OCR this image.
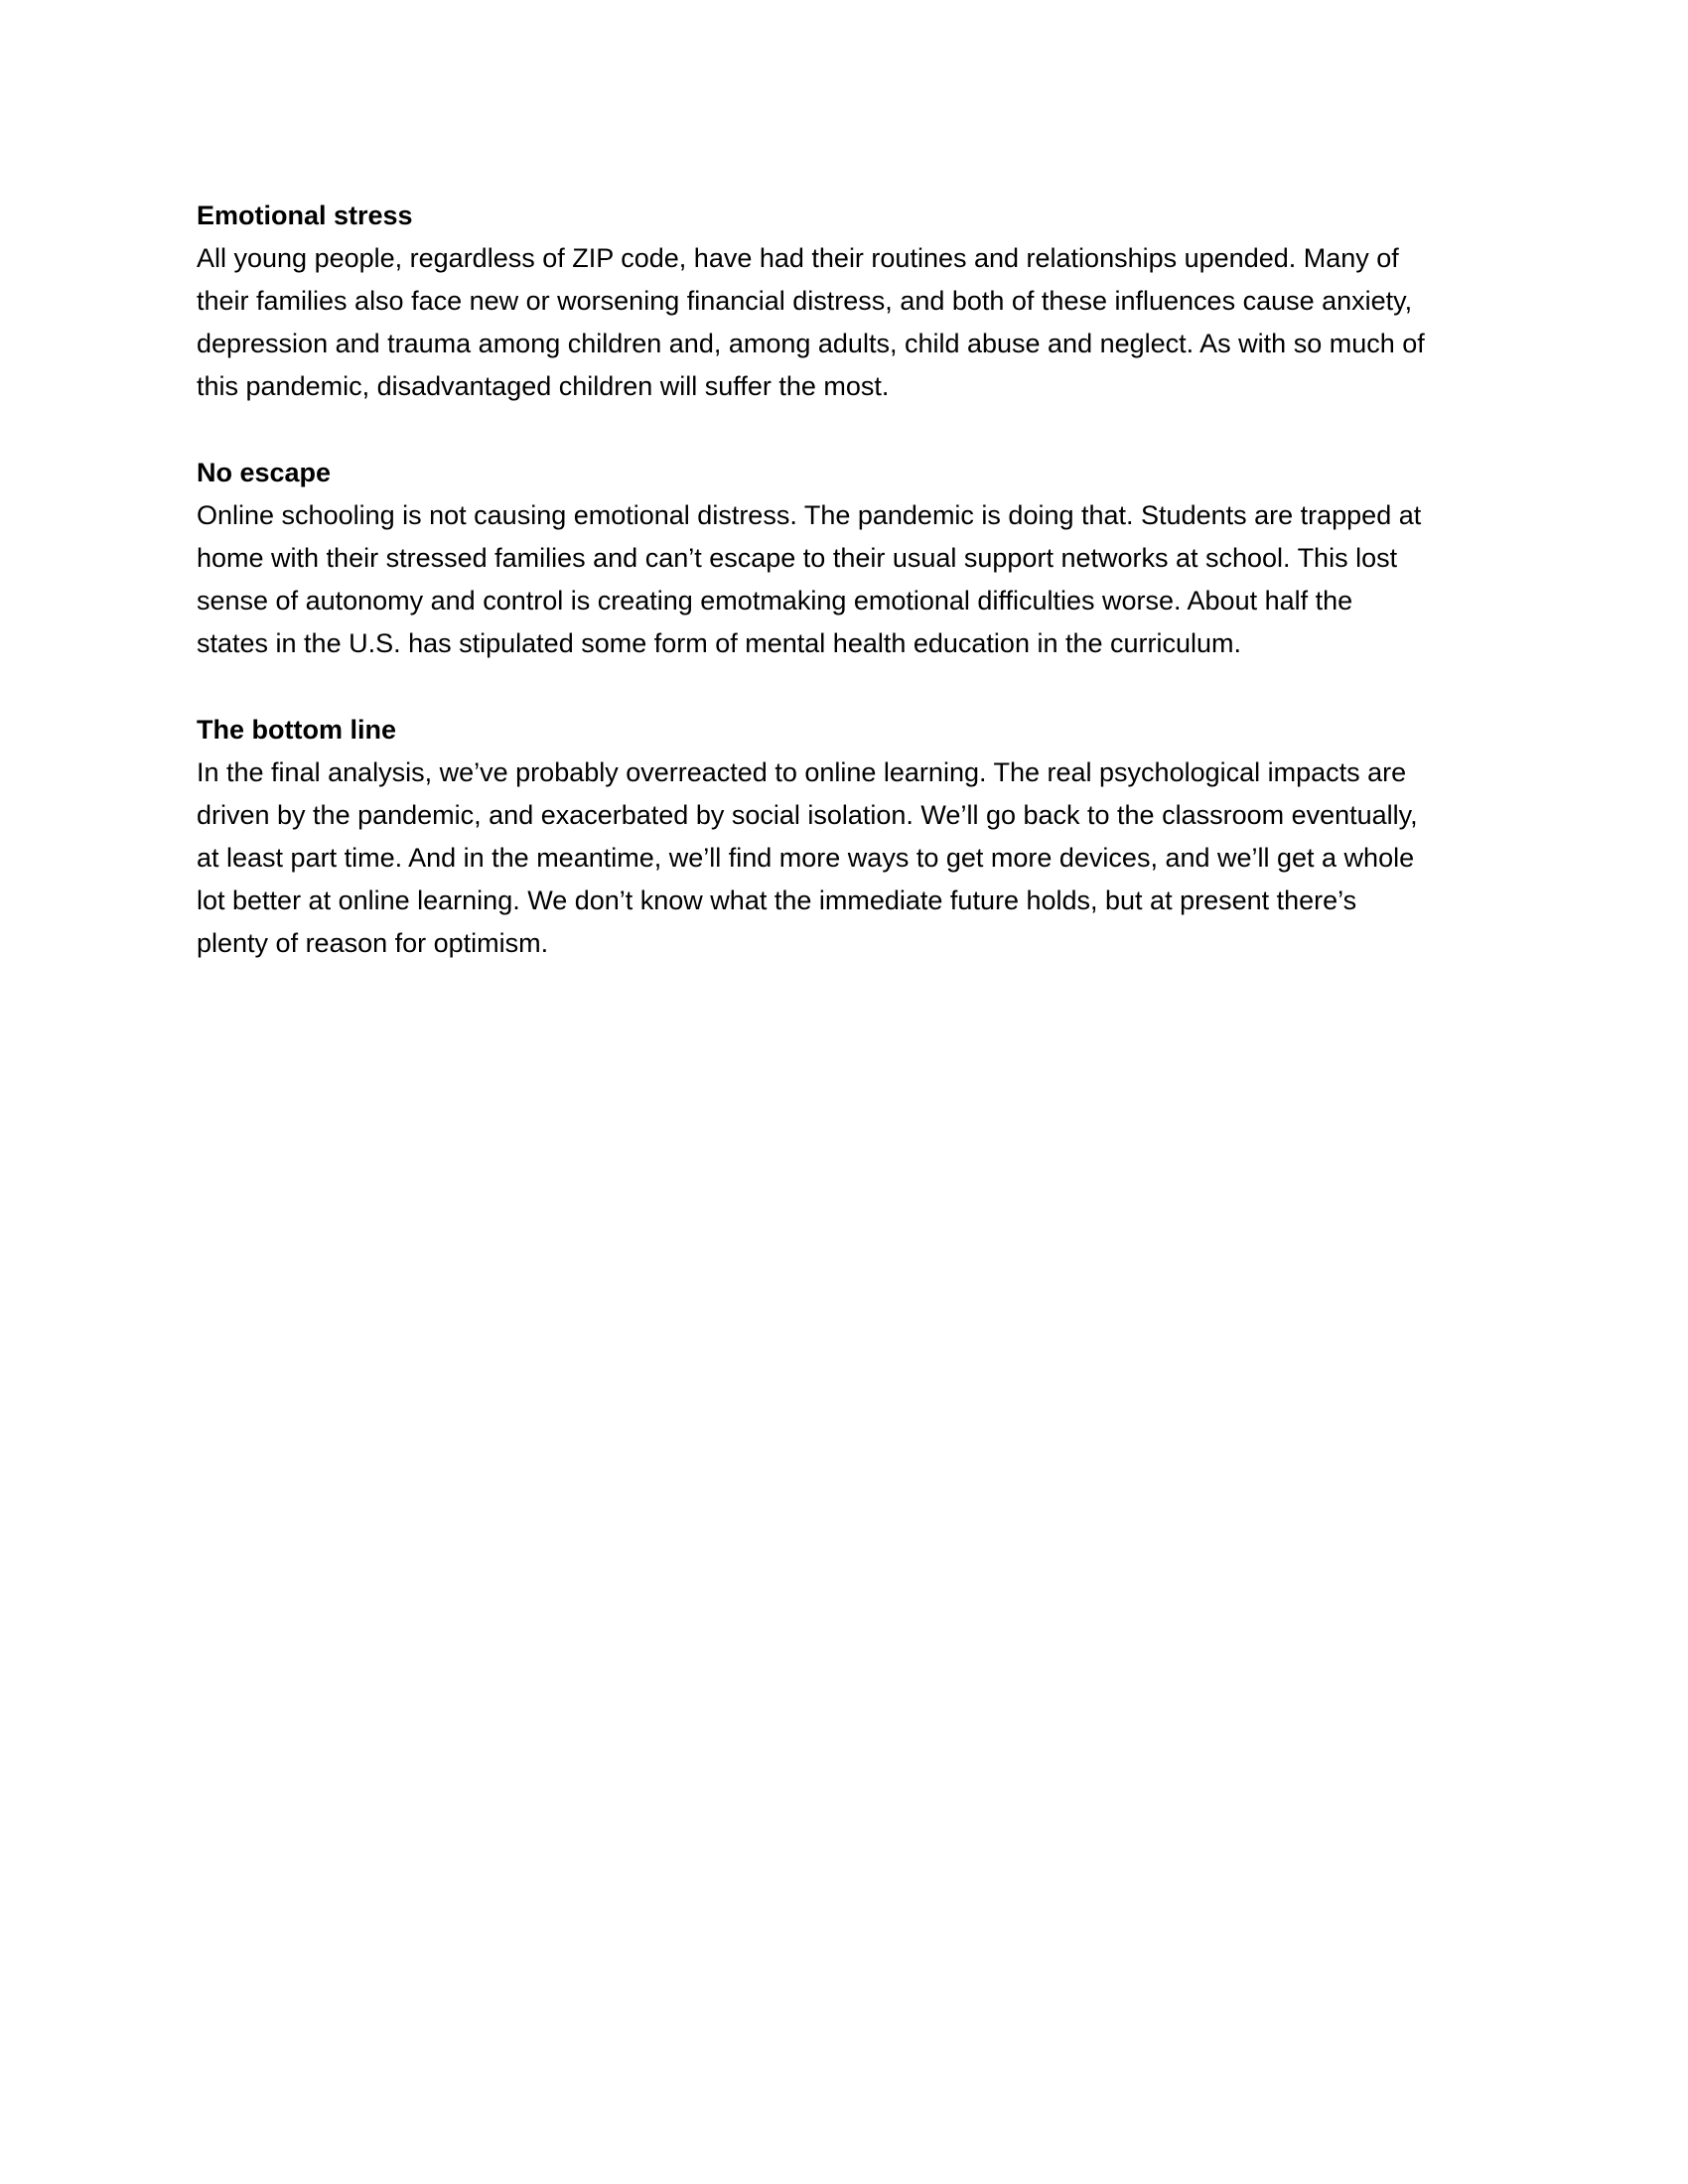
Emotional stress
All young people, regardless of ZIP code, have had their routines and relationships upended. Many of
their families also face new or worsening financial distress, and both of these influences cause anxiety,
depression and trauma among children and, among adults, child abuse and neglect. As with so much of
this pandemic, disadvantaged children will suffer the most.
No escape
Online schooling is not causing emotional distress. The pandemic is doing that. Students are trapped at
home with their stressed families and can’t escape to their usual support networks at school. This lost
sense of autonomy and control is creating emotmaking emotional difficulties worse. About half the
states in the U.S. has stipulated some form of mental health education in the curriculum.
The bottom line
In the final analysis, we’ve probably overreacted to online learning. The real psychological impacts are
driven by the pandemic, and exacerbated by social isolation. We’ll go back to the classroom eventually,
at least part time. And in the meantime, we’ll find more ways to get more devices, and we’ll get a whole
lot better at online learning. We don’t know what the immediate future holds, but at present there’s
plenty of reason for optimism.
